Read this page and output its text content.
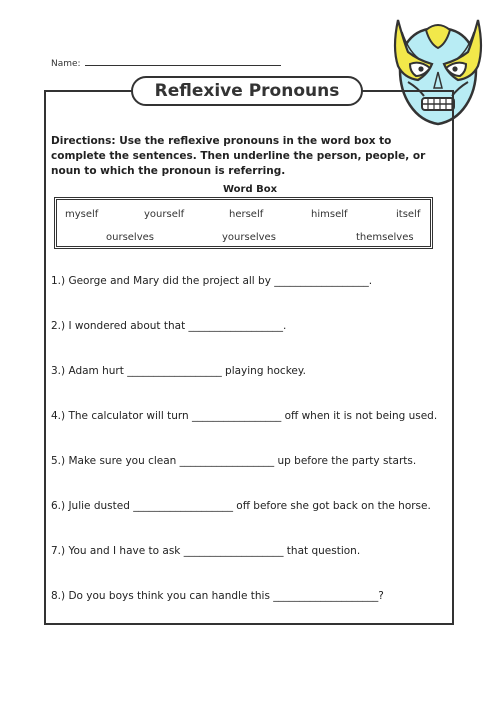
Name:
Reflexive Pronouns
Directions: Use the reflexive pronouns in the word box to complete the sentences. Then underline the person, people, or noun to which the pronoun is referring.
Word Box
myself	yourself	herself	himself	itself
ourselves	yourselves	themselves
1.) George and Mary did the project all by __________________.
2.) I wondered about that __________________.
3.) Adam hurt __________________ playing hockey.
4.) The calculator will turn _________________ off when it is not being used.
5.) Make sure you clean __________________ up before the party starts.
6.) Julie dusted ___________________ off before she got back on the horse.
7.) You and I have to ask ___________________ that question.
8.) Do you boys think you can handle this ____________________?
